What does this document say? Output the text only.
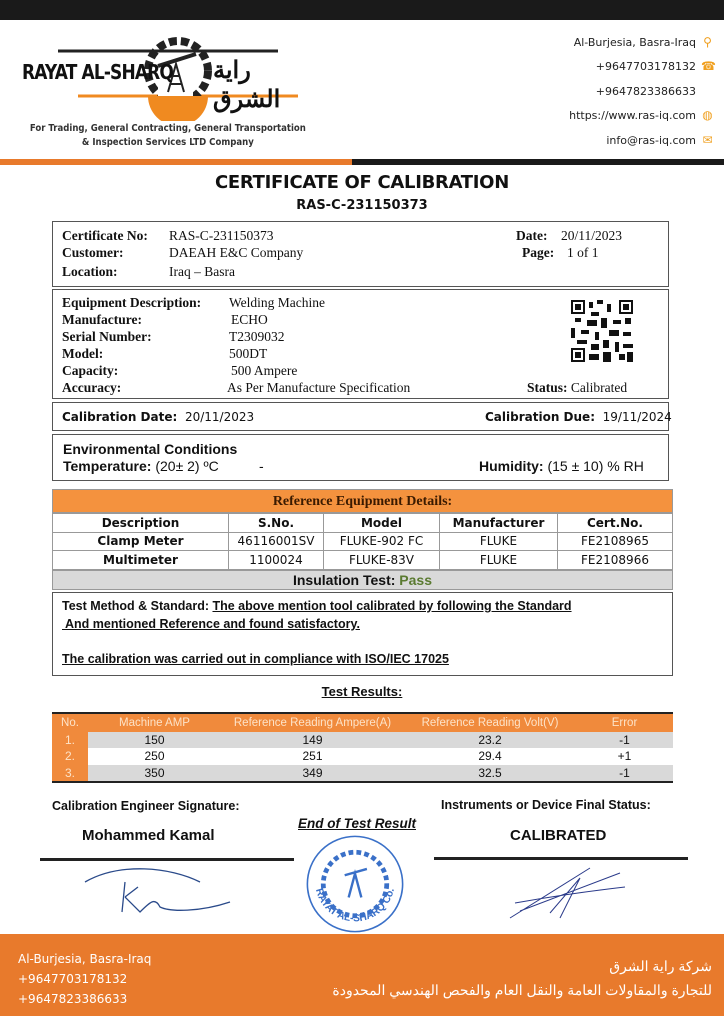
RAYAT AL-SHARQ راية الشرق
For Trading, General Contracting, General Transportation
& Inspection Services LTD Company
Al-Burjesia, Basra-Iraq ⚲
+9647703178132 ☎
+9647823386633
https://www.ras-iq.com ◍
info@ras-iq.com ✉
CERTIFICATE OF CALIBRATION
RAS-C-231150373
Certificate No: RAS-C-231150373
Customer:	DAEAH E&C Company
Location:	Iraq – Basra
Date: 20/11/2023
Page: 1 of 1
Equipment Description: Welding Machine
Manufacture:	ECHO
Serial Number:	T2309032
Model:	500DT
Capacity:	500 Ampere
Accuracy:	As Per Manufacture Specification	Status: Calibrated
Calibration Date: 20/11/2023	Calibration Due: 19/11/2024
Environmental Conditions
Temperature: (20± 2) ºC	-	Humidity: (15 ± 10) % RH
Reference Equipment Details:
Description	S.No.	Model	Manufacturer	Cert.No.
Clamp Meter	46116001SV	FLUKE-902 FC	FLUKE	FE2108965
Multimeter	1100024	FLUKE-83V	FLUKE	FE2108966
Insulation Test: Pass
Test Method & Standard: The above mention tool calibrated by following the Standard
And mentioned Reference and found satisfactory.
The calibration was carried out in compliance with ISO/IEC 17025
Test Results:
No.	Machine AMP	Reference Reading Ampere(A)	Reference Reading Volt(V)	Error
1.	150	149	23.2	-1
2.	250	251	29.4	+1
3.	350	349	32.5	-1
Calibration Engineer Signature:
Mohammed Kamal
End of Test Result
Instruments or Device Final Status:
CALIBRATED
RAYAT AL-SHARQ Co.
Al-Burjesia, Basra-Iraq
+9647703178132
+9647823386633
شركة راية الشرق
للتجارة والمقاولات العامة والنقل العام والفحص الهندسي المحدودة
